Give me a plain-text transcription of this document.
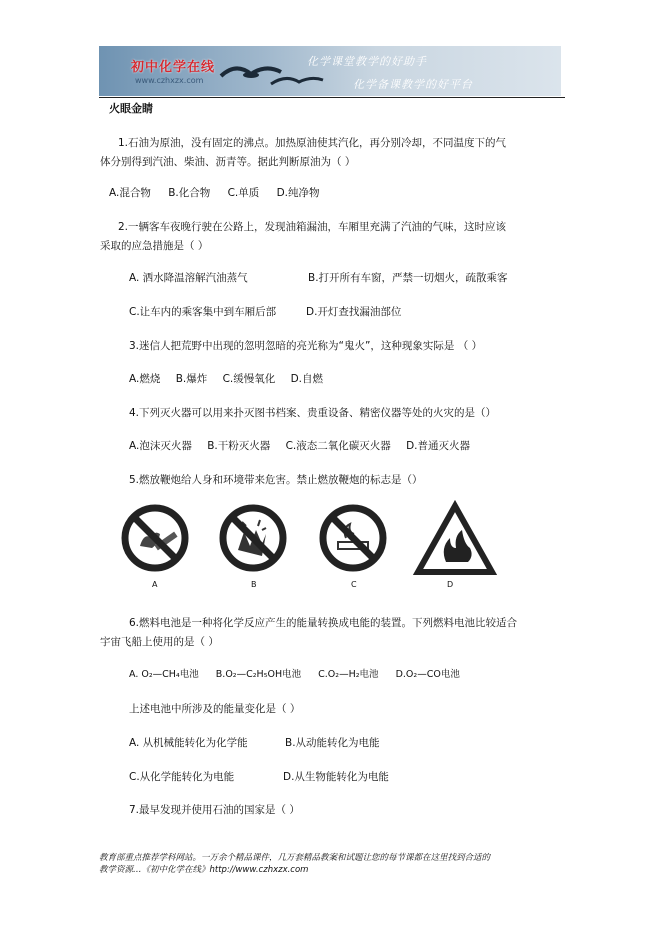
初中化学在线
www.czhxzx.com
化学课堂教学的好助手
化学备课教学的好平台
火眼金睛
1.石油为原油，没有固定的沸点。加热原油使其汽化，再分别冷却，不同温度下的气
体分别得到汽油、柴油、沥青等。据此判断原油为（ ）
A.混合物 B.化合物 C.单质 D.纯净物
2.一辆客车夜晚行驶在公路上，发现油箱漏油，车厢里充满了汽油的气味，这时应该
采取的应急措施是（ ）
A. 洒水降温溶解汽油蒸气	B.打开所有车窗，严禁一切烟火，疏散乘客
C.让车内的乘客集中到车厢后部	D.开灯查找漏油部位
3.迷信人把荒野中出现的忽明忽暗的亮光称为“鬼火”，这种现象实际是 （ ）
A.燃烧 B.爆炸 C.缓慢氧化 D.自燃
4.下列灭火器可以用来扑灭图书档案、贵重设备、精密仪器等处的火灾的是（）
A.泡沫灭火器 B.干粉灭火器 C.液态二氧化碳灭火器 D.普通灭火器
5.燃放鞭炮给人身和环境带来危害。禁止燃放鞭炮的标志是（）
A	B	C	D
6.燃料电池是一种将化学反应产生的能量转换成电能的装置。下列燃料电池比较适合
宇宙飞船上使用的是（ ）
A. O₂—CH₄电池 B.O₂—C₂H₅OH电池 C.O₂—H₂电池 D.O₂—CO电池
上述电池中所涉及的能量变化是（ ）
A. 从机械能转化为化学能	B.从动能转化为电能
C.从化学能转化为电能	D.从生物能转化为电能
7.最早发现并使用石油的国家是（ ）
教育部重点推荐学科网站。一万余个精品课件，几万套精品教案和试题让您的每节课都在这里找到合适的
教学资源…《初中化学在线》http://www.czhxzx.com
